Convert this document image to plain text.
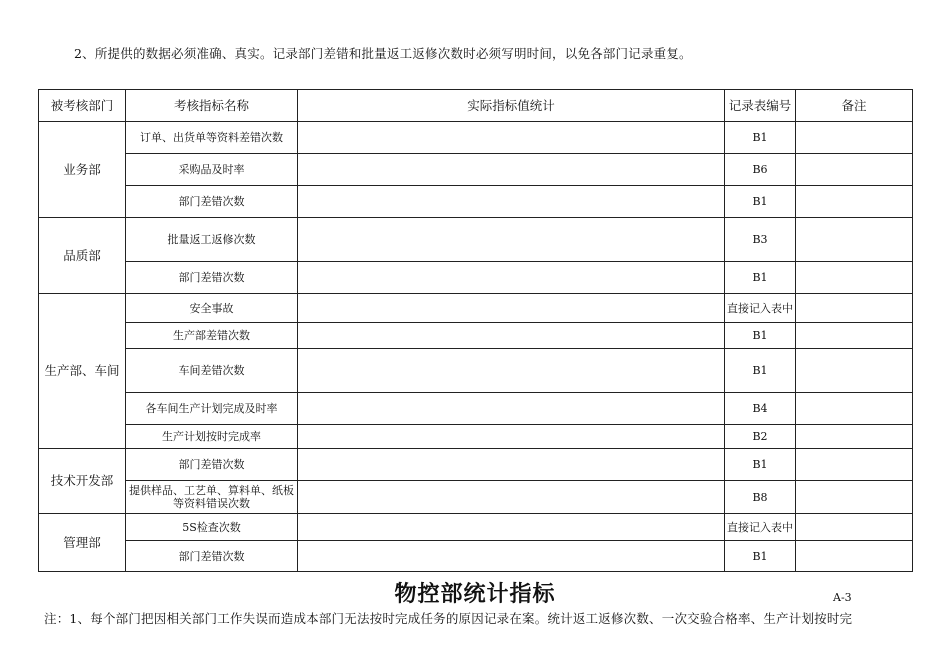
2、所提供的数据必须准确、真实。记录部门差错和批量返工返修次数时必须写明时间，以免各部门记录重复。
被考核部门	考核指标名称	实际指标值统计	记录表编号	备注
业务部	订单、出货单等资料差错次数		B1	
	采购品及时率		B6	
	部门差错次数		B1	
品质部	批量返工返修次数		B3	
	部门差错次数		B1	
生产部、车间	安全事故		直接记入表中	
	生产部差错次数		B1	
	车间差错次数		B1	
	各车间生产计划完成及时率		B4	
	生产计划按时完成率		B2	
技术开发部	部门差错次数		B1	
	提供样品、工艺单、算料单、纸板等资料错误次数		B8	
管理部	5S检查次数		直接记入表中	
	部门差错次数		B1	
物控部统计指标	A-3
注：1、每个部门把因相关部门工作失误而造成本部门无法按时完成任务的原因记录在案。统计返工返修次数、一次交验合格率、生产计划按时完
